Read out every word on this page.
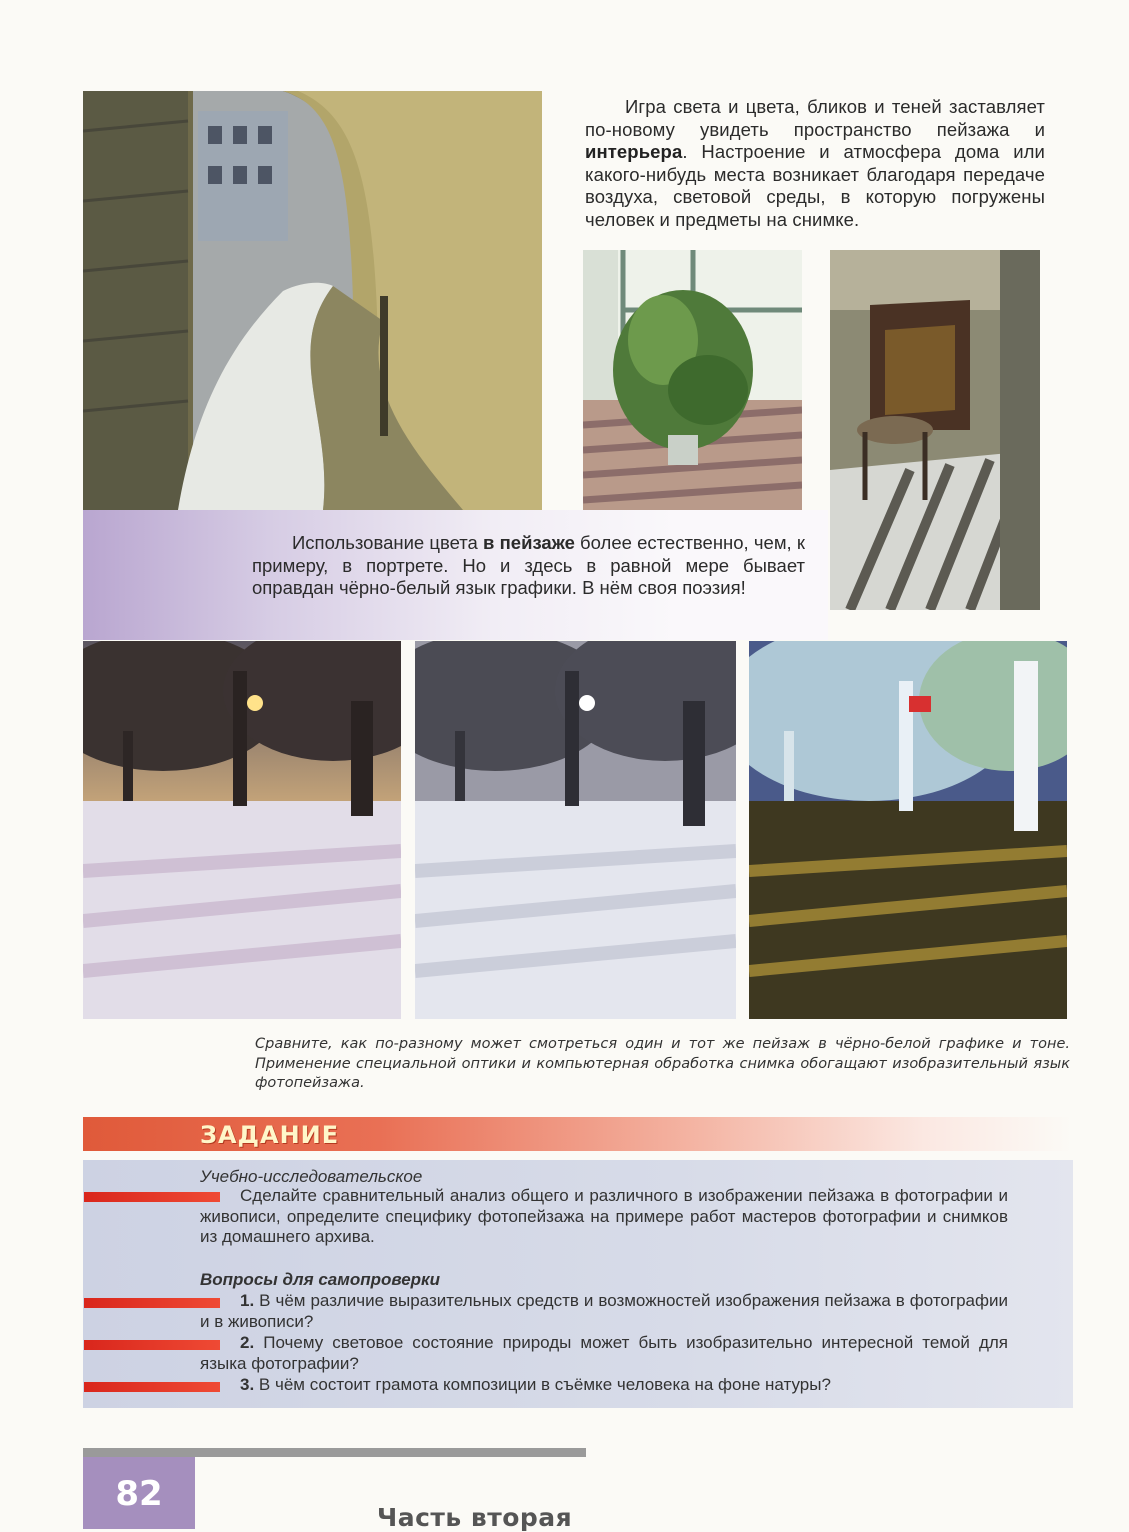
Игра света и цвета, бликов и теней заставляет по-новому увидеть пространство пейзажа и интерьера. Настроение и атмосфера дома или какого-нибудь места возникает благодаря передаче воздуха, световой среды, в которую погружены человек и предметы на снимке.
Использование цвета в пейзаже более естественно, чем, к примеру, в портрете. Но и здесь в равной мере бывает оправдан чёрно-белый язык графики. В нём своя поэзия!
Сравните, как по-разному может смотреться один и тот же пейзаж в чёрно-белой графике и тоне. Применение специальной оптики и компьютерная обработка снимка обогащают изобразительный язык фотопейзажа.
ЗАДАНИЕ
Учебно-исследовательское
Сделайте сравнительный анализ общего и различного в изображении пейзажа в фотографии и живописи, определите специфику фотопейзажа на примере работ мастеров фотографии и снимков из домашнего архива.
Вопросы для самопроверки
1. В чём различие выразительных средств и возможностей изображения пейзажа в фотографии и в живописи?
2. Почему световое состояние природы может быть изобразительно интересной темой для языка фотографии?
3. В чём состоит грамота композиции в съёмке человека на фоне натуры?
82
Часть вторая
